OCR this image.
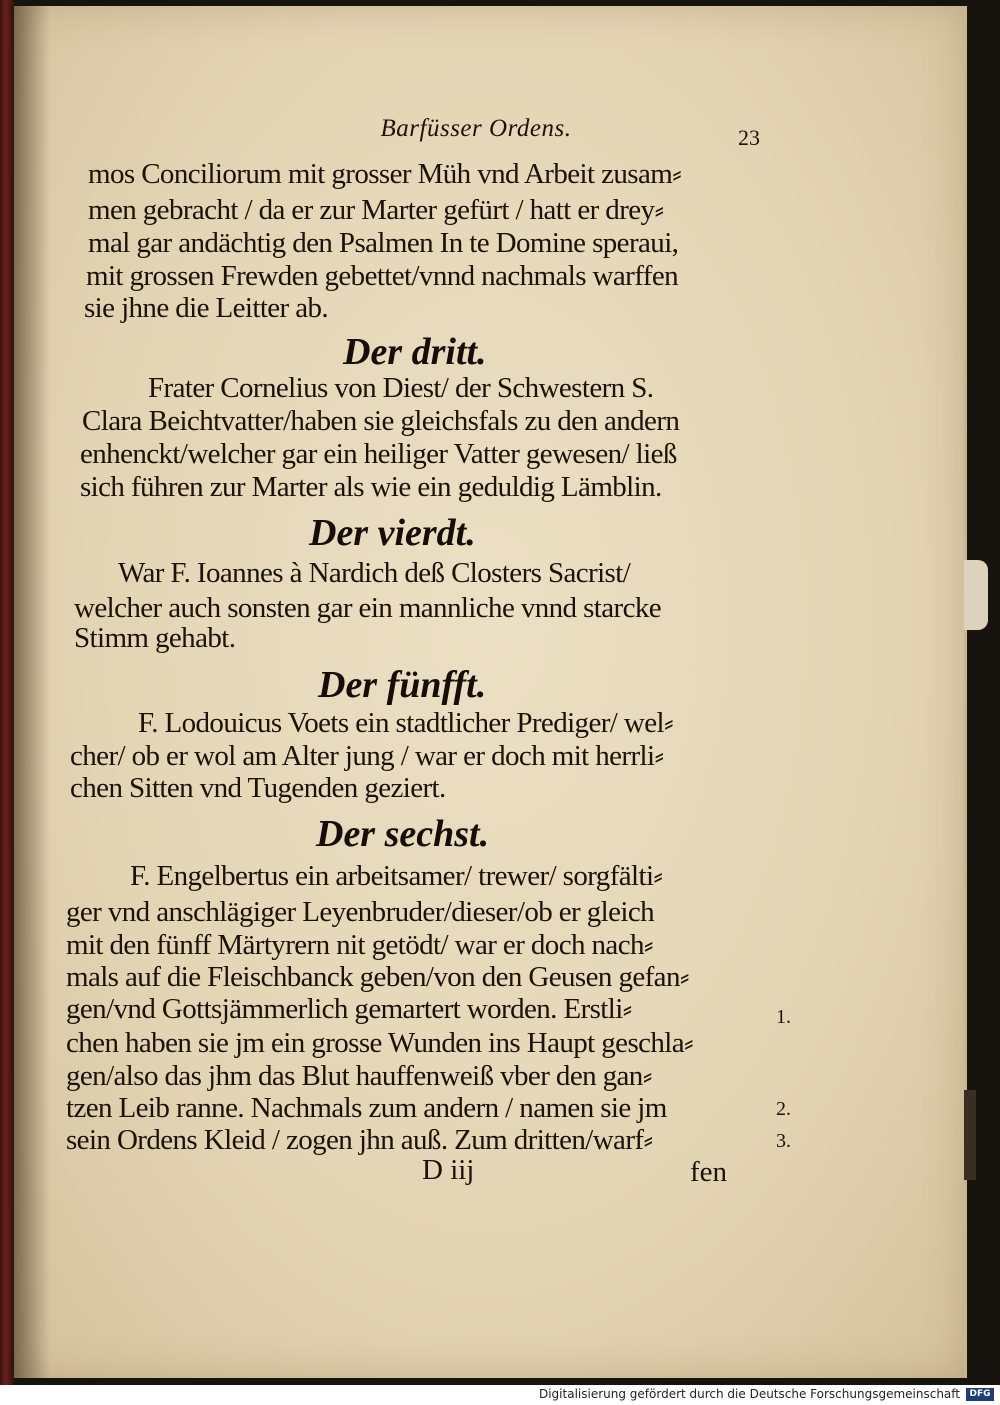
Barfüsser Ordens.	23
mos Conciliorum mit grosser Müh vnd Arbeit zusam⸗
men gebracht / da er zur Marter gefürt / hatt er drey⸗
mal gar andächtig den Psalmen In te Domine speraui,
mit grossen Frewden gebettet/vnnd nachmals warffen
sie jhne die Leitter ab.
Der dritt.
Frater Cornelius von Diest/ der Schwestern S.
Clara Beichtvatter/haben sie gleichsfals zu den andern
enhenckt/welcher gar ein heiliger Vatter gewesen/ ließ
sich führen zur Marter als wie ein geduldig Lämblin.
Der vierdt.
War F. Ioannes à Nardich deß Closters Sacrist/
welcher auch sonsten gar ein mannliche vnnd starcke
Stimm gehabt.
Der fünfft.
F. Lodouicus Voets ein stadtlicher Prediger/ wel⸗
cher/ ob er wol am Alter jung / war er doch mit herrli⸗
chen Sitten vnd Tugenden geziert.
Der sechst.
F. Engelbertus ein arbeitsamer/ trewer/ sorgfälti⸗
ger vnd anschlägiger Leyenbruder/dieser/ob er gleich
mit den fünff Märtyrern nit getödt/ war er doch nach⸗
mals auf die Fleischbanck geben/von den Geusen gefan⸗
gen/vnd Gottsjämmerlich gemartert worden. Erstli⸗
chen haben sie jm ein grosse Wunden ins Haupt geschla⸗
gen/also das jhm das Blut hauffenweiß vber den gan⸗
tzen Leib ranne. Nachmals zum andern / namen sie jm
sein Ordens Kleid / zogen jhn auß. Zum dritten/warf⸗
1.
2.
3.
D iij	fen
Digitalisierung gefördert durch die Deutsche Forschungsgemeinschaft	DFG
